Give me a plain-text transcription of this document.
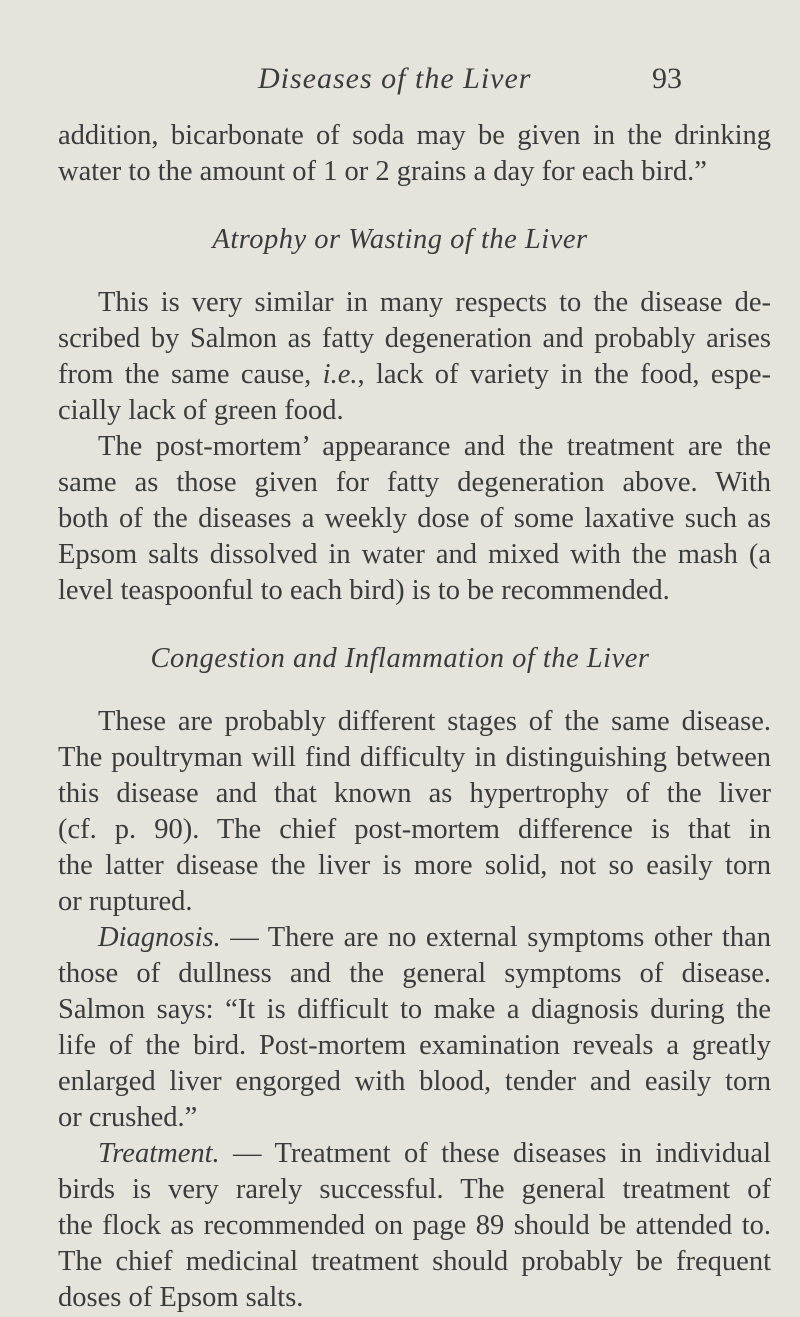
Diseases of the Liver	93
addition, bicarbonate of soda may be given in the drinking
water to the amount of 1 or 2 grains a day for each bird.”
Atrophy or Wasting of the Liver
This is very similar in many respects to the disease de-
scribed by Salmon as fatty degeneration and probably arises
from the same cause, i.e., lack of variety in the food, espe-
cially lack of green food.
The post-mortem’ appearance and the treatment are the
same as those given for fatty degeneration above. With
both of the diseases a weekly dose of some laxative such as
Epsom salts dissolved in water and mixed with the mash (a
level teaspoonful to each bird) is to be recommended.
Congestion and Inflammation of the Liver
These are probably different stages of the same disease.
The poultryman will find difficulty in distinguishing between
this disease and that known as hypertrophy of the liver
(cf. p. 90). The chief post-mortem difference is that in
the latter disease the liver is more solid, not so easily torn
or ruptured.
Diagnosis. — There are no external symptoms other than
those of dullness and the general symptoms of disease.
Salmon says: “It is difficult to make a diagnosis during the
life of the bird. Post-mortem examination reveals a greatly
enlarged liver engorged with blood, tender and easily torn
or crushed.”
Treatment. — Treatment of these diseases in individual
birds is very rarely successful. The general treatment of
the flock as recommended on page 89 should be attended to.
The chief medicinal treatment should probably be frequent
doses of Epsom salts.
